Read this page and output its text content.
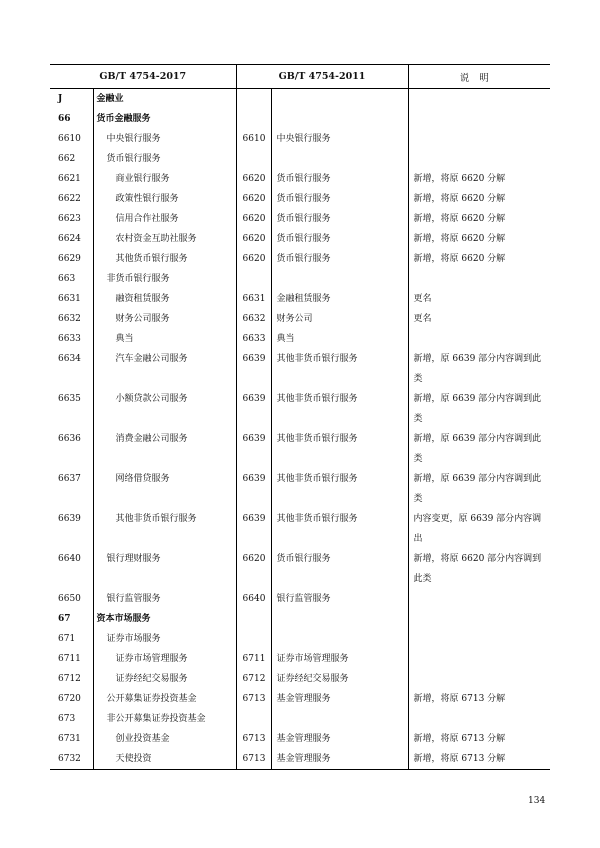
GB/T 4754-2017		GB/T 4754-2011		说明
J	金融业			
66	货币金融服务			
6610	中央银行服务	6610	中央银行服务	
662	货币银行服务			
6621	商业银行服务	6620	货币银行服务	新增，将原 6620 分解
6622	政策性银行服务	6620	货币银行服务	新增，将原 6620 分解
6623	信用合作社服务	6620	货币银行服务	新增，将原 6620 分解
6624	农村资金互助社服务	6620	货币银行服务	新增，将原 6620 分解
6629	其他货币银行服务	6620	货币银行服务	新增，将原 6620 分解
663	非货币银行服务			
6631	融资租赁服务	6631	金融租赁服务	更名
6632	财务公司服务	6632	财务公司	更名
6633	典当	6633	典当	
6634	汽车金融公司服务	6639	其他非货币银行服务	新增，原 6639 部分内容调到此类
6635	小额贷款公司服务	6639	其他非货币银行服务	新增，原 6639 部分内容调到此类
6636	消费金融公司服务	6639	其他非货币银行服务	新增，原 6639 部分内容调到此类
6637	网络借贷服务	6639	其他非货币银行服务	新增，原 6639 部分内容调到此类
6639	其他非货币银行服务	6639	其他非货币银行服务	内容变更，原 6639 部分内容调出
6640	银行理财服务	6620	货币银行服务	新增，将原 6620 部分内容调到此类
6650	银行监管服务	6640	银行监管服务	
67	资本市场服务			
671	证券市场服务			
6711	证券市场管理服务	6711	证券市场管理服务	
6712	证券经纪交易服务	6712	证券经纪交易服务	
6720	公开募集证券投资基金	6713	基金管理服务	新增，将原 6713 分解
673	非公开募集证券投资基金			
6731	创业投资基金	6713	基金管理服务	新增，将原 6713 分解
6732	天使投资	6713	基金管理服务	新增，将原 6713 分解
134
